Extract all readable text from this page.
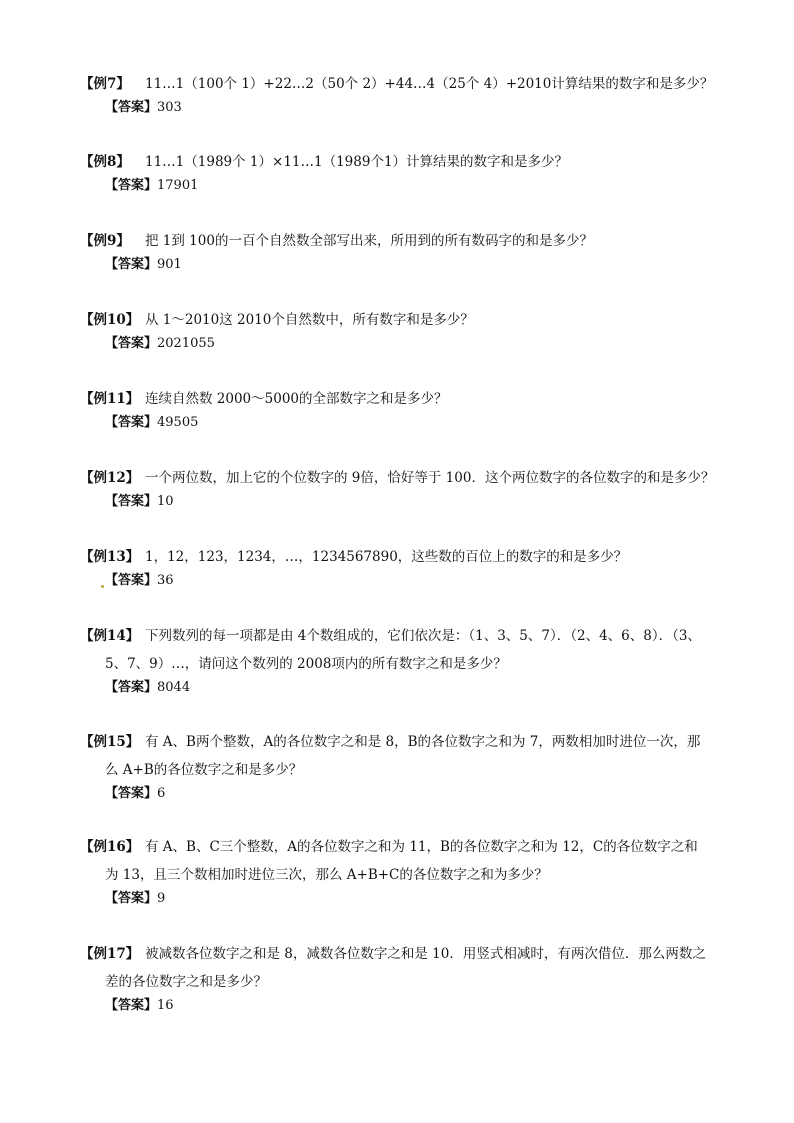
【例7】 11…1（100个 1）+22…2（50个 2）+44…4（25个 4）+2010计算结果的数字和是多少？
【答案】303
【例8】 11…1（1989个 1）×11…1（1989个1）计算结果的数字和是多少？
【答案】17901
【例9】 把 1到 100的一百个自然数全部写出来，所用到的所有数码字的和是多少？
【答案】901
【例10】 从 1～2010这 2010个自然数中，所有数字和是多少？
【答案】2021055
【例11】 连续自然数 2000～5000的全部数字之和是多少？
【答案】49505
【例12】 一个两位数，加上它的个位数字的 9倍，恰好等于 100．这个两位数字的各位数字的和是多少？
【答案】10
【例13】 1，12，123，1234，…，1234567890，这些数的百位上的数字的和是多少？
【答案】36
【例14】 下列数列的每一项都是由 4个数组成的，它们依次是：（1、3、5、7）．（2、4、6、8）．（3、
5、7、9）…，请问这个数列的 2008项内的所有数字之和是多少？
【答案】8044
【例15】 有 A、B两个整数，A的各位数字之和是 8，B的各位数字之和为 7，两数相加时进位一次，那
么 A+B的各位数字之和是多少？
【答案】6
【例16】 有 A、B、C三个整数，A的各位数字之和为 11，B的各位数字之和为 12，C的各位数字之和
为 13，且三个数相加时进位三次，那么 A+B+C的各位数字之和为多少？
【答案】9
【例17】 被减数各位数字之和是 8，减数各位数字之和是 10．用竖式相减时，有两次借位．那么两数之
差的各位数字之和是多少？
【答案】16
